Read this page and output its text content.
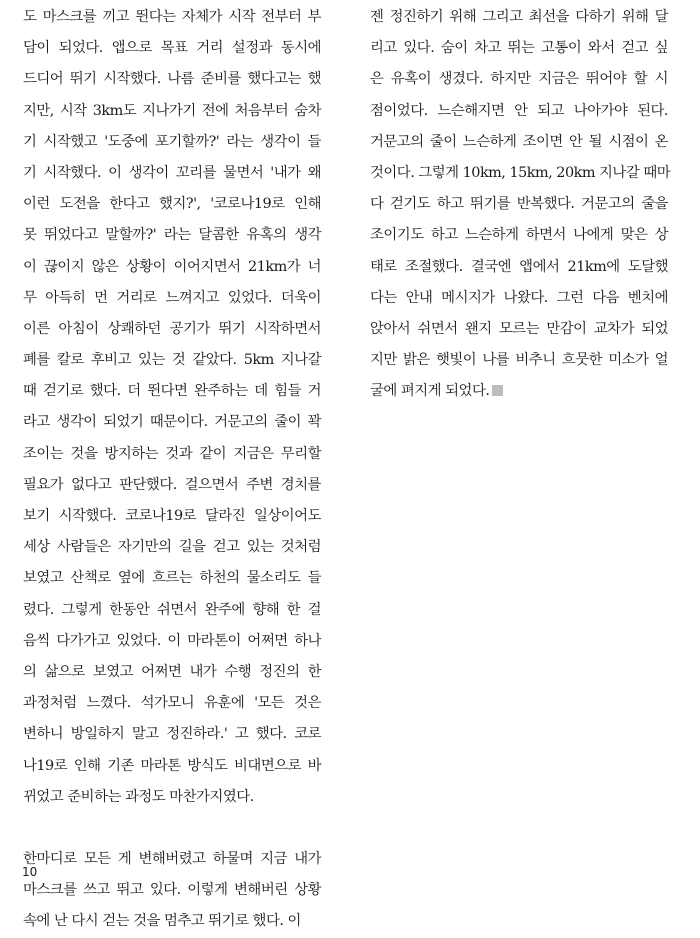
도 마스크를 끼고 뛴다는 자체가 시작 전부터 부
담이 되었다. 앱으로 목표 거리 설정과 동시에
드디어 뛰기 시작했다. 나름 준비를 했다고는 했
지만, 시작 3km도 지나가기 전에 처음부터 숨차
기 시작했고 '도중에 포기할까?' 라는 생각이 들
기 시작했다. 이 생각이 꼬리를 물면서 '내가 왜
이런 도전을 한다고 했지?', '코로나19로 인해
못 뛰었다고 말할까?' 라는 달콤한 유혹의 생각
이 끊이지 않은 상황이 이어지면서 21km가 너
무 아득히 먼 거리로 느껴지고 있었다. 더욱이
이른 아침이 상쾌하던 공기가 뛰기 시작하면서
폐를 칼로 후비고 있는 것 같았다. 5km 지나갈
때 걷기로 했다. 더 뛴다면 완주하는 데 힘들 거
라고 생각이 되었기 때문이다. 거문고의 줄이 꽉
조이는 것을 방지하는 것과 같이 지금은 무리할
필요가 없다고 판단했다. 걸으면서 주변 경치를
보기 시작했다. 코로나19로 달라진 일상이어도
세상 사람들은 자기만의 길을 걷고 있는 것처럼
보였고 산책로 옆에 흐르는 하천의 물소리도 들
렸다. 그렇게 한동안 쉬면서 완주에 향해 한 걸
음씩 다가가고 있었다. 이 마라톤이 어쩌면 하나
의 삶으로 보였고 어쩌면 내가 수행 정진의 한
과정처럼 느꼈다. 석가모니 유훈에 '모든 것은
변하니 방일하지 말고 정진하라.' 고 했다. 코로
나19로 인해 기존 마라톤 방식도 비대면으로 바
뀌었고 준비하는 과정도 마찬가지였다.
한마디로 모든 게 변해버렸고 하물며 지금 내가
마스크를 쓰고 뛰고 있다. 이렇게 변해버린 상황
속에 난 다시 걷는 것을 멈추고 뛰기로 했다. 이
젠 정진하기 위해 그리고 최선을 다하기 위해 달
리고 있다. 숨이 차고 뛰는 고통이 와서 걷고 싶
은 유혹이 생겼다. 하지만 지금은 뛰어야 할 시
점이었다. 느슨해지면 안 되고 나아가야 된다.
거문고의 줄이 느슨하게 조이면 안 될 시점이 온
것이다. 그렇게 10km, 15km, 20km 지나갈 때마
다 걷기도 하고 뛰기를 반복했다. 거문고의 줄을
조이기도 하고 느슨하게 하면서 나에게 맞은 상
태로 조절했다. 결국엔 앱에서 21km에 도달했
다는 안내 메시지가 나왔다. 그런 다음 벤치에
앉아서 쉬면서 왠지 모르는 만감이 교차가 되었
지만 밝은 햇빛이 나를 비추니 흐뭇한 미소가 얼
굴에 펴지게 되었다.
10
